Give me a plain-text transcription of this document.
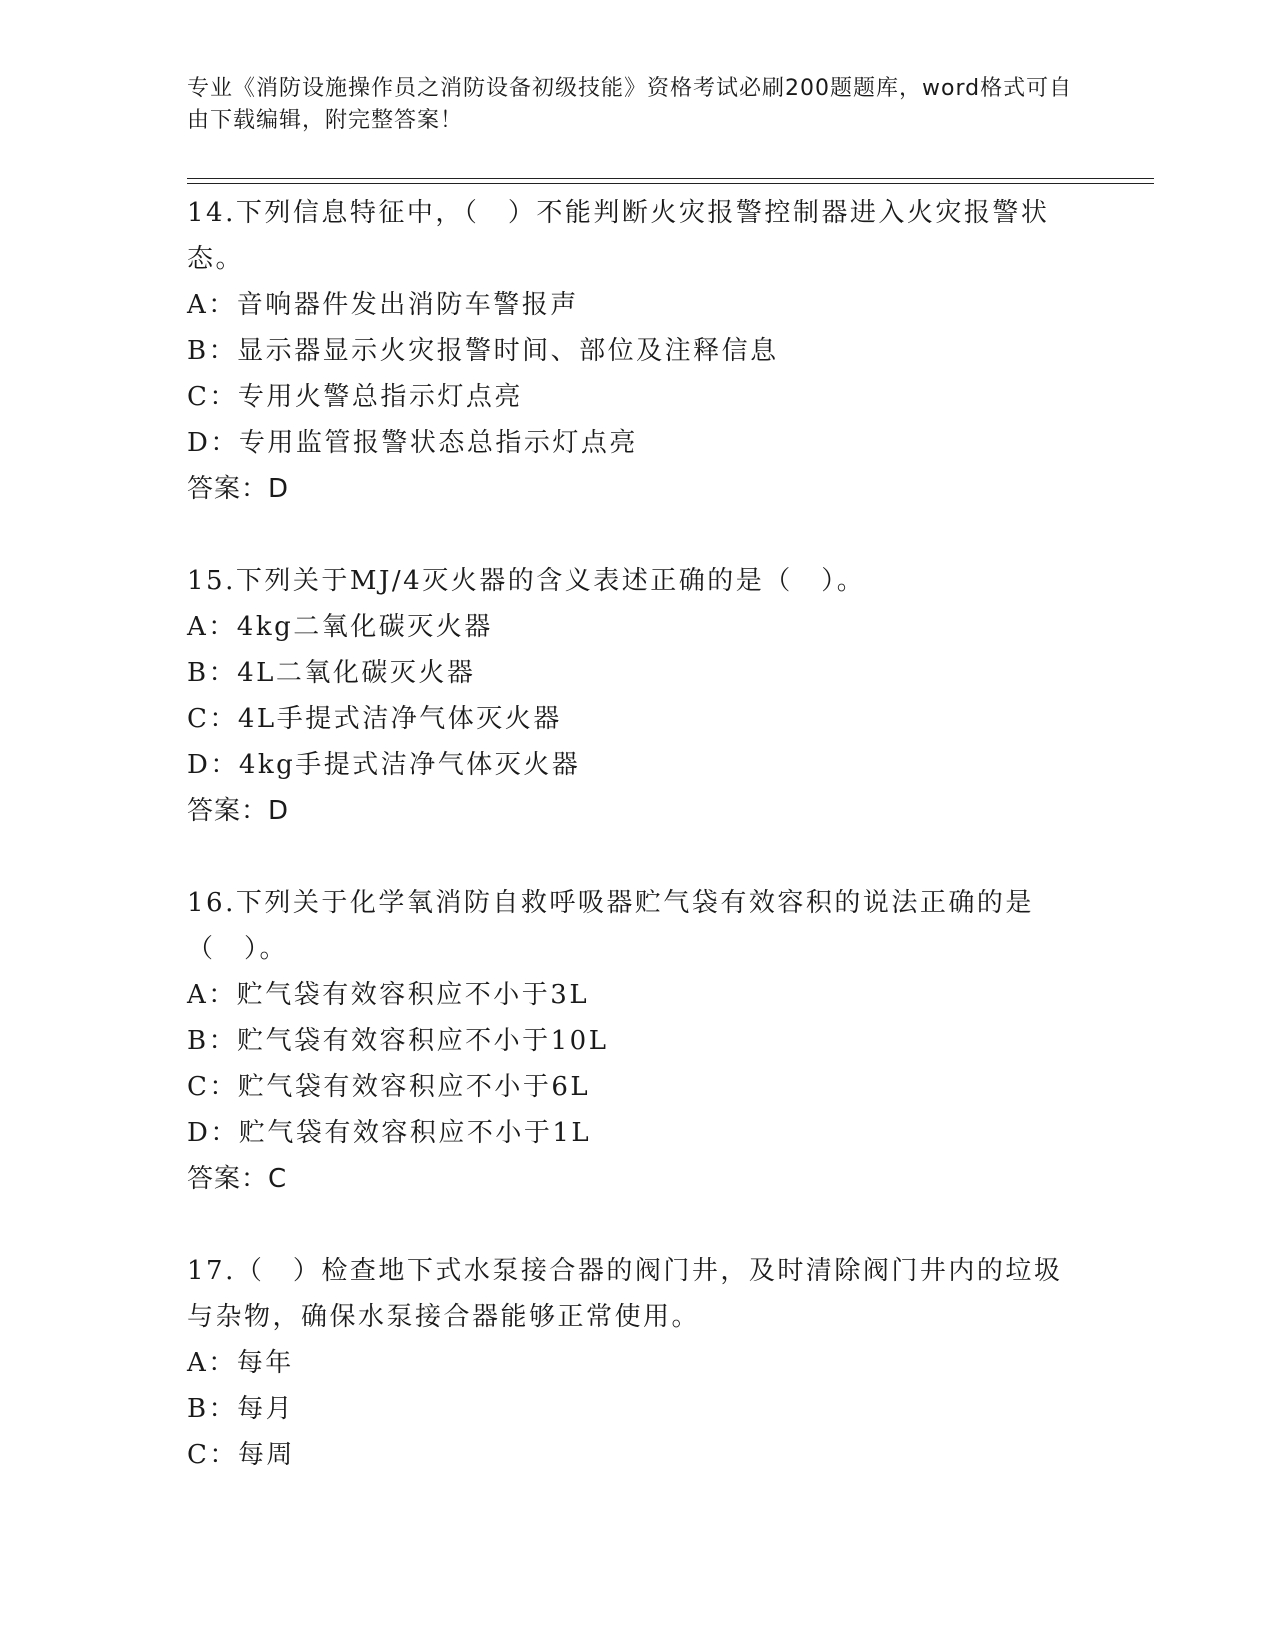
专业《消防设施操作员之消防设备初级技能》资格考试必刷200题题库，word格式可自由下载编辑，附完整答案！
14.下列信息特征中，（　）不能判断火灾报警控制器进入火灾报警状态。
A：音响器件发出消防车警报声
B：显示器显示火灾报警时间、部位及注释信息
C：专用火警总指示灯点亮
D：专用监管报警状态总指示灯点亮
答案：D
15.下列关于MJ/4灭火器的含义表述正确的是（　）。
A：4kg二氧化碳灭火器
B：4L二氧化碳灭火器
C：4L手提式洁净气体灭火器
D：4kg手提式洁净气体灭火器
答案：D
16.下列关于化学氧消防自救呼吸器贮气袋有效容积的说法正确的是（　）。
A：贮气袋有效容积应不小于3L
B：贮气袋有效容积应不小于10L
C：贮气袋有效容积应不小于6L
D：贮气袋有效容积应不小于1L
答案：C
17.（　）检查地下式水泵接合器的阀门井，及时清除阀门井内的垃圾与杂物，确保水泵接合器能够正常使用。
A：每年
B：每月
C：每周
